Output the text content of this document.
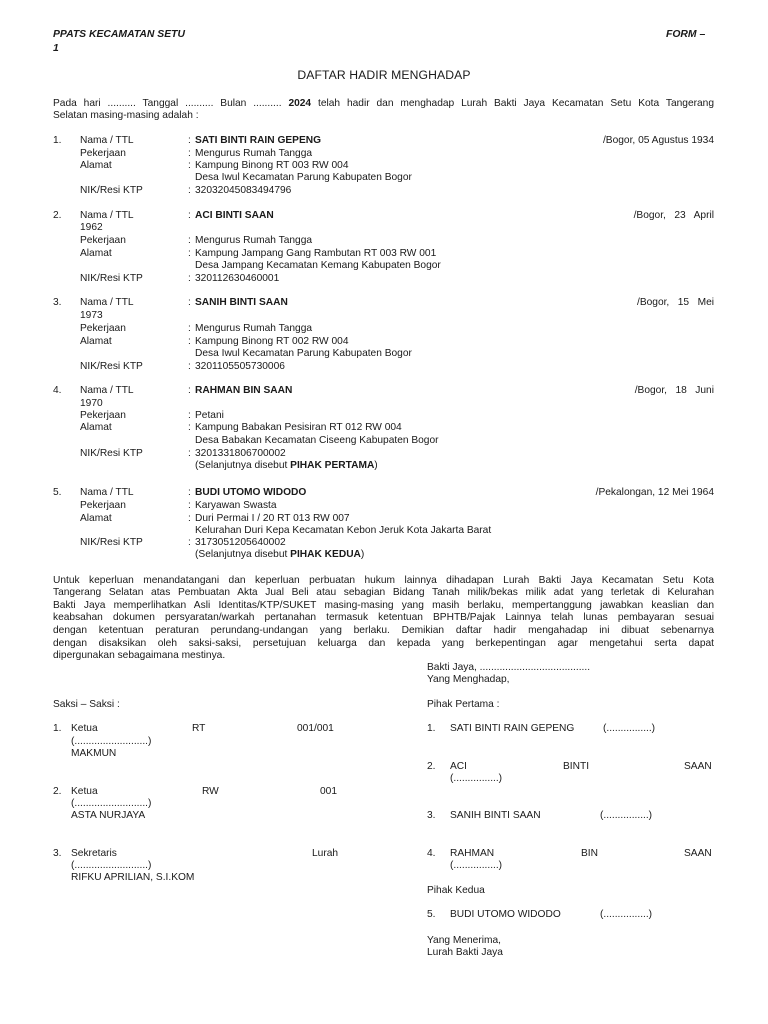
PPATS KECAMATAN SETU
1
FORM –
DAFTAR HADIR MENGHADAP
Pada hari .......... Tanggal .......... Bulan .......... 2024 telah hadir dan menghadap Lurah Bakti Jaya Kecamatan Setu Kota Tangerang
Selatan masing-masing adalah :
1. Nama / TTL	: SATI BINTI RAIN GEPENG	/Bogor, 05 Agustus 1934
Pekerjaan	: Mengurus Rumah Tangga
Alamat	: Kampung Binong RT 003 RW 004
Desa Iwul Kecamatan Parung Kabupaten Bogor
NIK/Resi KTP	: 32032045083494796
2. Nama / TTL	: ACI BINTI SAAN	/Bogor,   23   April
1962
Pekerjaan	: Mengurus Rumah Tangga
Alamat	: Kampung Jampang Gang Rambutan RT 003 RW 001
Desa Jampang Kecamatan Kemang Kabupaten Bogor
NIK/Resi KTP	: 320112630460001
3. Nama / TTL	: SANIH BINTI SAAN	/Bogor,   15   Mei
1973
Pekerjaan	: Mengurus Rumah Tangga
Alamat	: Kampung Binong RT 002 RW 004
Desa Iwul Kecamatan Parung Kabupaten Bogor
NIK/Resi KTP	: 3201105505730006
4. Nama / TTL	: RAHMAN BIN SAAN	/Bogor,   18   Juni
1970
Pekerjaan	: Petani
Alamat	: Kampung Babakan Pesisiran RT 012 RW 004
Desa Babakan Kecamatan Ciseeng Kabupaten Bogor
NIK/Resi KTP	: 3201331806700002
(Selanjutnya disebut PIHAK PERTAMA)
5. Nama / TTL	: BUDI UTOMO WIDODO	/Pekalongan, 12 Mei 1964
Pekerjaan	: Karyawan Swasta
Alamat	: Duri Permai I / 20 RT 013 RW 007
Kelurahan Duri Kepa Kecamatan Kebon Jeruk Kota Jakarta Barat
NIK/Resi KTP	: 3173051205640002
(Selanjutnya disebut PIHAK KEDUA)
Untuk keperluan menandatangani dan keperluan perbuatan hukum lainnya dihadapan Lurah Bakti Jaya Kecamatan Setu Kota
Tangerang Selatan atas Pembuatan Akta Jual Beli atau sebagian Bidang Tanah milik/bekas milik adat yang terletak di Kelurahan
Bakti Jaya memperlihatkan Asli Identitas/KTP/SUKET masing-masing yang masih berlaku, mempertanggung jawabkan keaslian dan
keabsahan dokumen persyaratan/warkah pertanahan termasuk ketentuan BPHTB/Pajak Lainnya telah lunas pembayaran sesuai
dengan ketentuan peraturan perundang-undangan yang berlaku. Demikian daftar hadir mengahadap ini dibuat sebenarnya
dengan disaksikan oleh saksi-saksi, persetujuan keluarga dan kepada yang berkepentingan agar mengetahui serta dapat
dipergunakan sebagaimana mestinya.
Bakti Jaya, .......................................
Yang Menghadap,
Saksi – Saksi :	Pihak Pertama :
1. Ketua	RT	001/001
(..........................)
MAKMUN
2. Ketua	RW	001
(..........................)
ASTA NURJAYA
3. Sekretaris	Lurah
(..........................)
RIFKU APRILIAN, S.I.KOM
1. SATI BINTI RAIN GEPENG	(................)
2. ACI	BINTI	SAAN
(................)
3. SANIH BINTI SAAN	(................)
4. RAHMAN	BIN	SAAN
(................)
Pihak Kedua
5. BUDI UTOMO WIDODO	(................)
Yang Menerima,
Lurah Bakti Jaya
